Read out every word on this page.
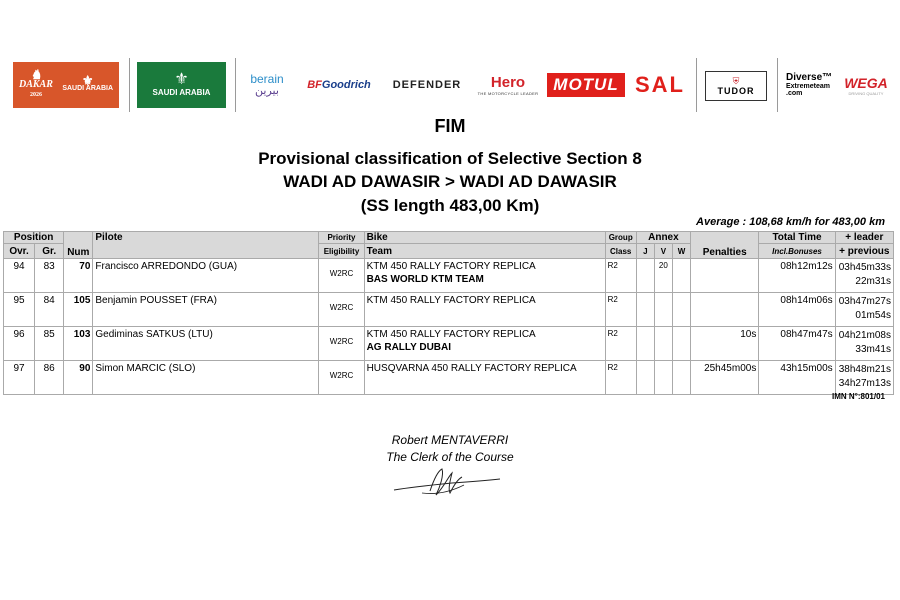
♞
DAKAR
2026
⚜
SAUDI ARABIA
⚜
SAUDI ARABIA
berain
بيرين	BF Goodrich DEFENDER Hero
THE MOTORCYCLE LEADER MOTUL SAL	⛨
TUDOR
Diverse™
Extremeteam
.com
WEGA
DRIVING QUALITY
FIM
Provisional classification of Selective Section 8
WADI AD DAWASIR > WADI AD DAWASIR
(SS length 483,00 Km)
Average : 108,68 km/h for 483,00 km
Position		Num	Pilote	Priority	Bike	Group	Annex			Penalties	Total Time	+ leader
Ovr.	Gr.			Eligibility	Team	Class	J	V	W		Incl.Bonuses	+ previous
94	83	70	Francisco ARREDONDO (GUA)	W2RC	KTM 450 RALLY FACTORY REPLICA
BAS WORLD KTM TEAM	R2		20			08h12m12s	03h45m33s
22m31s

95	84	105	Benjamin POUSSET (FRA)	W2RC	KTM 450 RALLY FACTORY REPLICA	R2					08h14m06s	03h47m27s
01m54s

96	85	103	Gediminas SATKUS (LTU)	W2RC	KTM 450 RALLY FACTORY REPLICA
AG RALLY DUBAI	R2				10s	08h47m47s	04h21m08s
33m41s

97	86	90	Simon MARCIC (SLO)	W2RC	HUSQVARNA 450 RALLY FACTORY REPLICA	R2				25h45m00s	43h15m00s	38h48m21s
34h27m13s
IMN N°:801/01
Robert MENTAVERRI
The Clerk of the Course
